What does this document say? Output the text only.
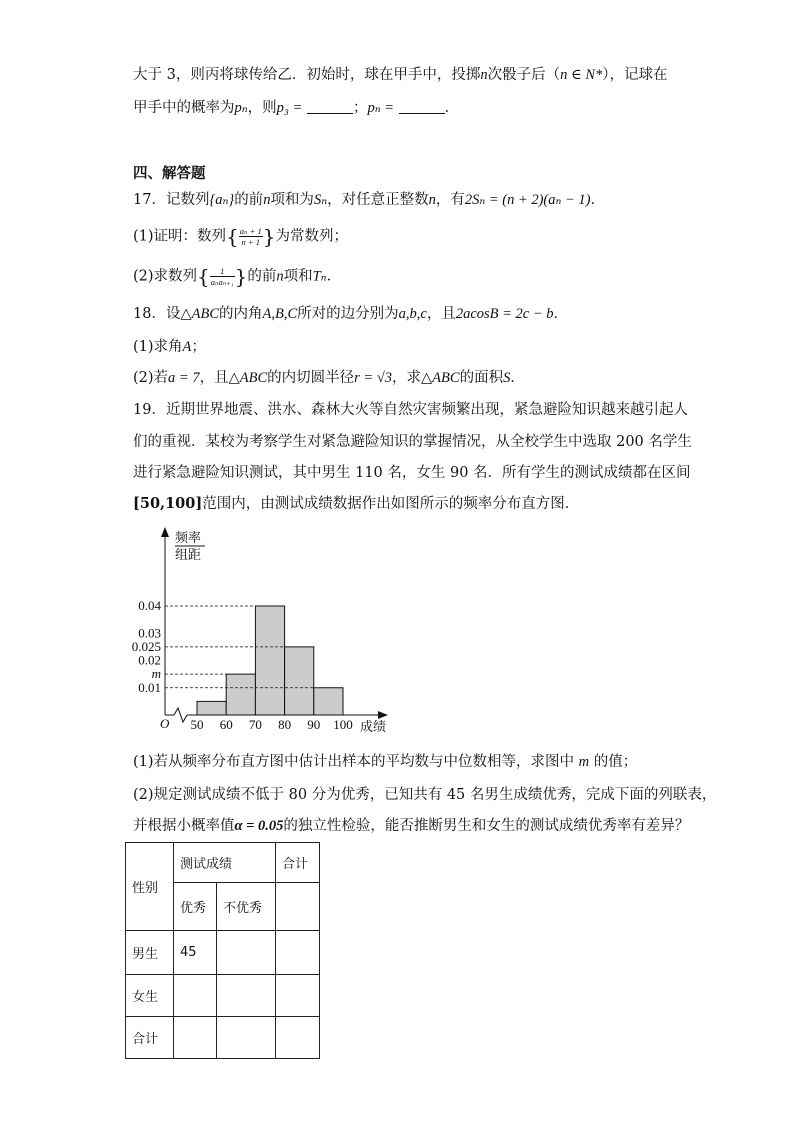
大于 3，则丙将球传给乙．初始时，球在甲手中，投掷n次骰子后（n ∈ N*），记球在
甲手中的概率为pₙ，则p₃ =	；pₙ =	．
四、解答题
17．记数列{aₙ}的前n项和为Sₙ，对任意正整数n，有2Sₙ = (n + 2)(aₙ − 1)．
(1)证明：数列{ $\frac{\text{aₙ + 1}}{n + 1}$ }为常数列；
(2)求数列{ $\frac{1}{\text{aₙaₙ₊₁}}$ }的前n项和Tₙ．
18．设△ABC的内角A,B,C所对的边分别为a,b,c，且2acosB = 2c − b．
(1)求角A；
(2)若a = 7，且△ABC的内切圆半径r = √3，求△ABC的面积S．
19．近期世界地震、洪水、森林大火等自然灾害频繁出现，紧急避险知识越来越引起人
们的重视．某校为考察学生对紧急避险知识的掌握情况，从全校学生中选取 200 名学生
进行紧急避险知识测试，其中男生 110 名，女生 90 名．所有学生的测试成绩都在区间
[50,100]范围内，由测试成绩数据作出如图所示的频率分布直方图．
0.04
0.03
0.025
0.02
m
0.01
50 60 70 80 90 100
频率
组距
成绩
O
(1)若从频率分布直方图中估计出样本的平均数与中位数相等，求图中 m 的值；
(2)规定测试成绩不低于 80 分为优秀，已知共有 45 名男生成绩优秀，完成下面的列联表，
并根据小概率值α = 0.05的独立性检验，能否推断男生和女生的测试成绩优秀率有差异？
性别	测试成绩		合计
	优秀	不优秀	
男生	45		
女生			
合计			
